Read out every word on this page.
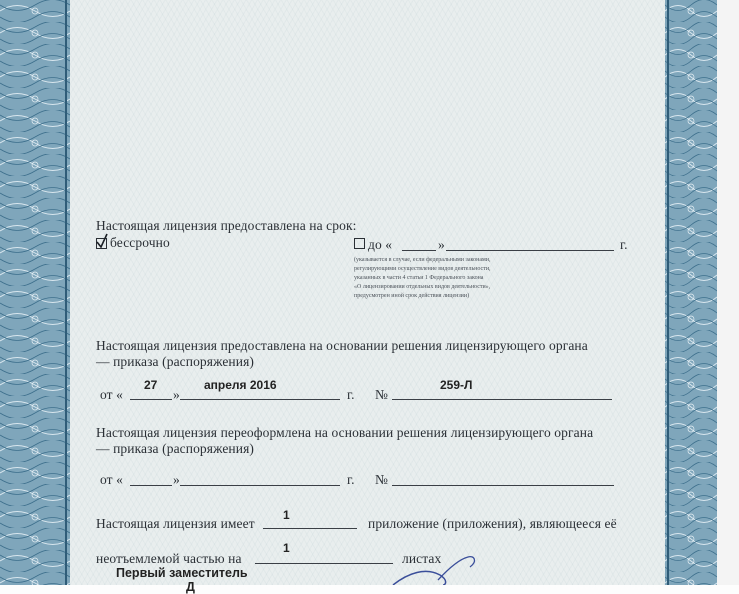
Настоящая лицензия предоставлена на срок:
бессрочно	до «	»	г.
(указывается в случае, если федеральными законами,
регулирующими осуществление видов деятельности,
указанных в части 4 статьи 1 Федерального закона
«О лицензировании отдельных видов деятельности»,
предусмотрен иной срок действия лицензии)
Настоящая лицензия предоставлена на основании решения лицензирующего органа
— приказа (распоряжения)
от «
27
»
апреля 2016
г. №
259-Л
Настоящая лицензия переоформлена на основании решения лицензирующего органа
— приказа (распоряжения)
от «	»	г. №
Настоящая лицензия имеет
1
приложение (приложения), являющееся её
неотъемлемой частью на
1
листах
Первый заместитель
Д
